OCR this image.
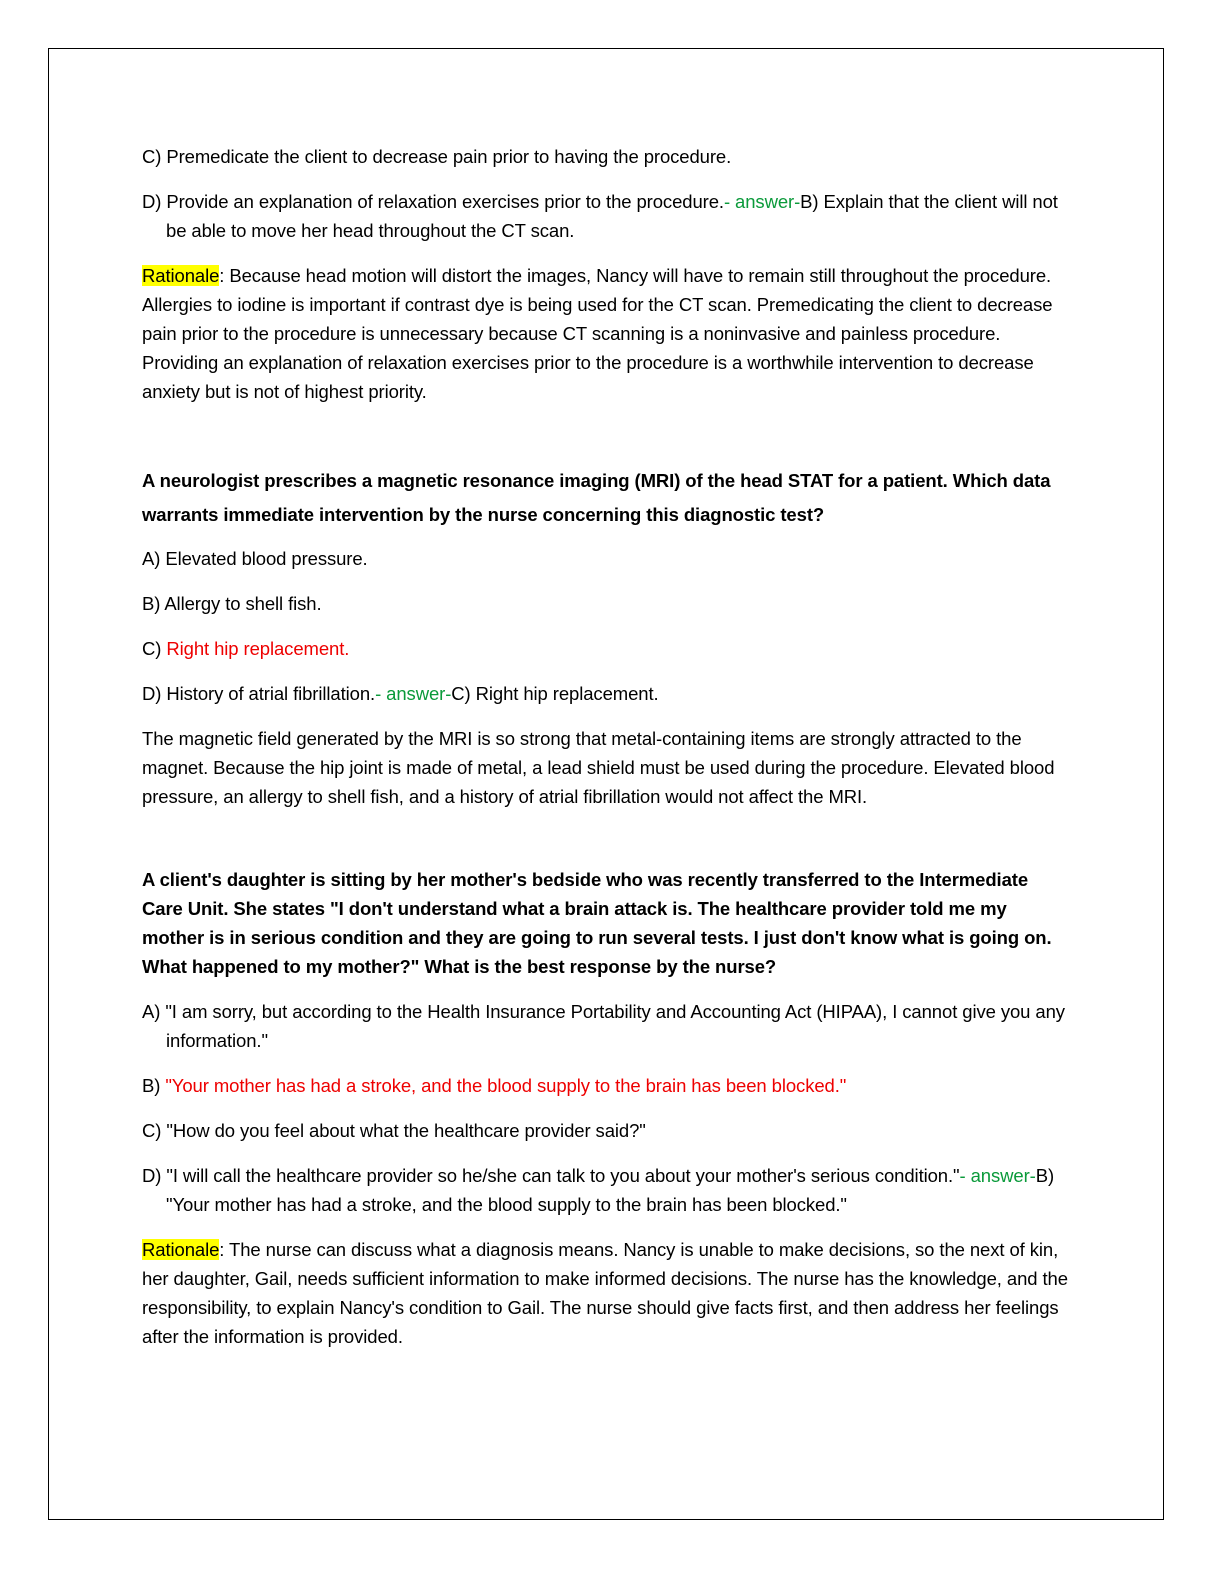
C) Premedicate the client to decrease pain prior to having the procedure.

D) Provide an explanation of relaxation exercises prior to the procedure.- answer-B) Explain that the client will not be able to move her head throughout the CT scan.

Rationale: Because head motion will distort the images, Nancy will have to remain still throughout the procedure. Allergies to iodine is important if contrast dye is being used for the CT scan. Premedicating the client to decrease pain prior to the procedure is unnecessary because CT scanning is a noninvasive and painless procedure. Providing an explanation of relaxation exercises prior to the procedure is a worthwhile intervention to decrease anxiety but is not of highest priority.

A neurologist prescribes a magnetic resonance imaging (MRI) of the head STAT for a patient. Which data warrants immediate intervention by the nurse concerning this diagnostic test?

A) Elevated blood pressure.

B) Allergy to shell fish.

C) Right hip replacement.

D) History of atrial fibrillation.- answer-C) Right hip replacement.

The magnetic field generated by the MRI is so strong that metal-containing items are strongly attracted to the magnet. Because the hip joint is made of metal, a lead shield must be used during the procedure. Elevated blood pressure, an allergy to shell fish, and a history of atrial fibrillation would not affect the MRI.

A client's daughter is sitting by her mother's bedside who was recently transferred to the Intermediate Care Unit. She states "I don't understand what a brain attack is. The healthcare provider told me my mother is in serious condition and they are going to run several tests. I just don't know what is going on. What happened to my mother?" What is the best response by the nurse?

A) "I am sorry, but according to the Health Insurance Portability and Accounting Act (HIPAA), I cannot give you any information."

B) "Your mother has had a stroke, and the blood supply to the brain has been blocked."

C) "How do you feel about what the healthcare provider said?"

D) "I will call the healthcare provider so he/she can talk to you about your mother's serious condition."- answer-B) "Your mother has had a stroke, and the blood supply to the brain has been blocked."

Rationale: The nurse can discuss what a diagnosis means. Nancy is unable to make decisions, so the next of kin, her daughter, Gail, needs sufficient information to make informed decisions. The nurse has the knowledge, and the responsibility, to explain Nancy's condition to Gail. The nurse should give facts first, and then address her feelings after the information is provided.
